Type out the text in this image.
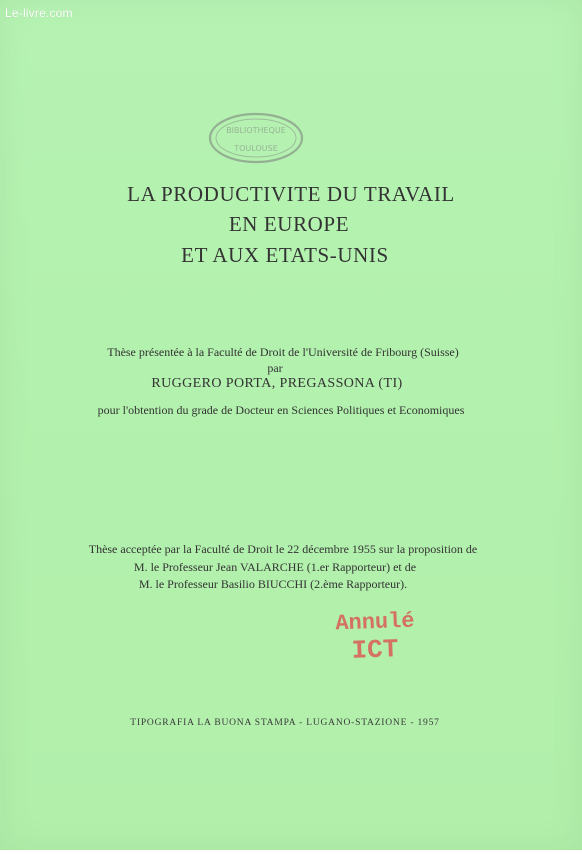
Le-livre.com
BIBLIOTHEQUE
TOULOUSE
LA PRODUCTIVITE DU TRAVAIL
EN EUROPE
ET AUX ETATS-UNIS
Thèse présentée à la Faculté de Droit de l'Université de Fribourg (Suisse)
par
RUGGERO PORTA, PREGASSONA (TI)
pour l'obtention du grade de Docteur en Sciences Politiques et Economiques
Thèse acceptée par la Faculté de Droit le 22 décembre 1955 sur la proposition de
M. le Professeur Jean VALARCHE (1.er Rapporteur) et de
M. le Professeur Basilio BIUCCHI (2.ème Rapporteur).
Annulé
ICT
TIPOGRAFIA LA BUONA STAMPA - LUGANO-STAZIONE - 1957
